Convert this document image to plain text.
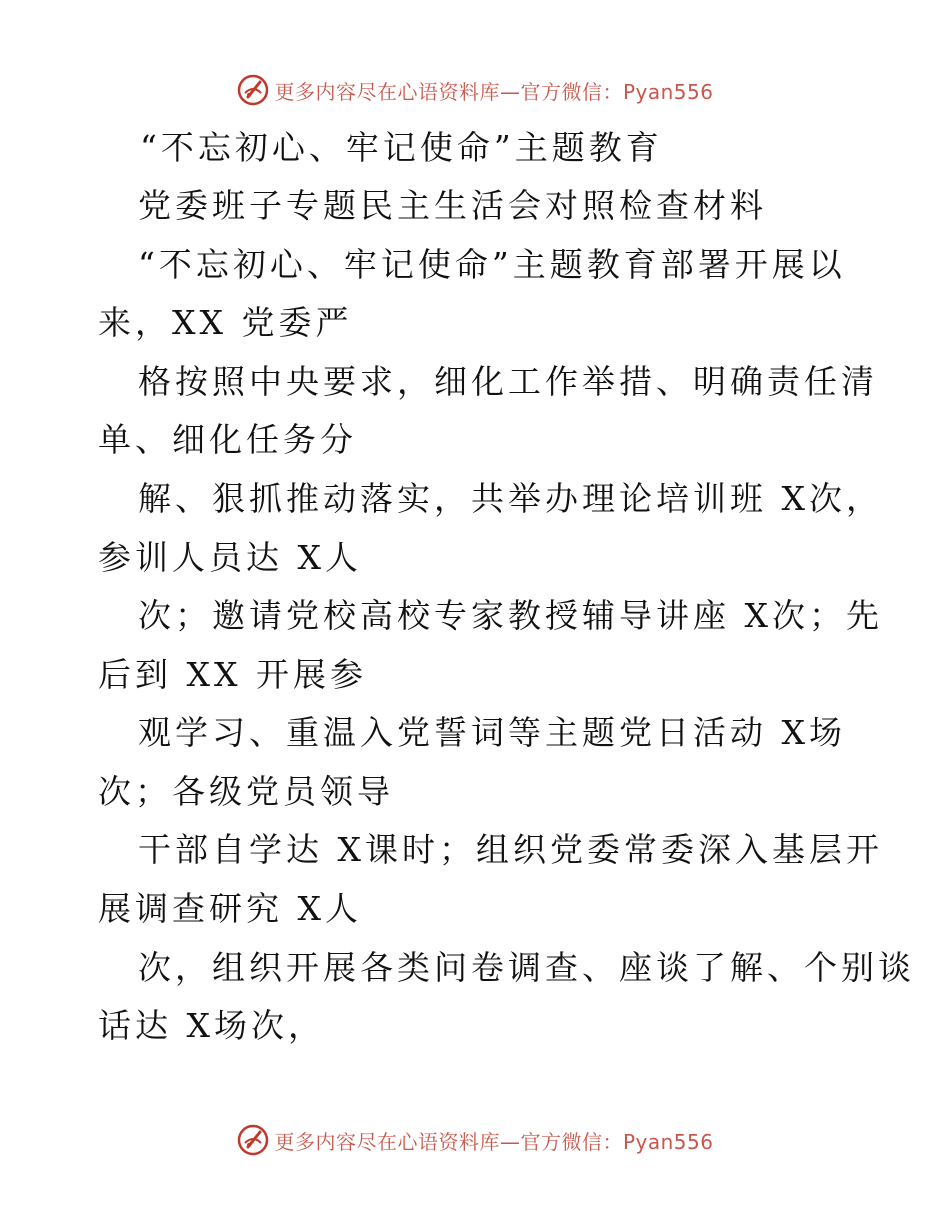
更多内容尽在心语资料库—官方微信：Pyan556
“不忘初心、牢记使命”主题教育
党委班子专题民主生活会对照检查材料
“不忘初心、牢记使命”主题教育部署开展以
来，XX 党委严
格按照中央要求，细化工作举措、明确责任清
单、细化任务分
解、狠抓推动落实，共举办理论培训班 X次，
参训人员达 X人
次；邀请党校高校专家教授辅导讲座 X次；先
后到 XX 开展参
观学习、重温入党誓词等主题党日活动 X场
次；各级党员领导
干部自学达 X课时；组织党委常委深入基层开
展调查研究 X人
次，组织开展各类问卷调查、座谈了解、个别谈
话达 X场次，
更多内容尽在心语资料库—官方微信：Pyan556
